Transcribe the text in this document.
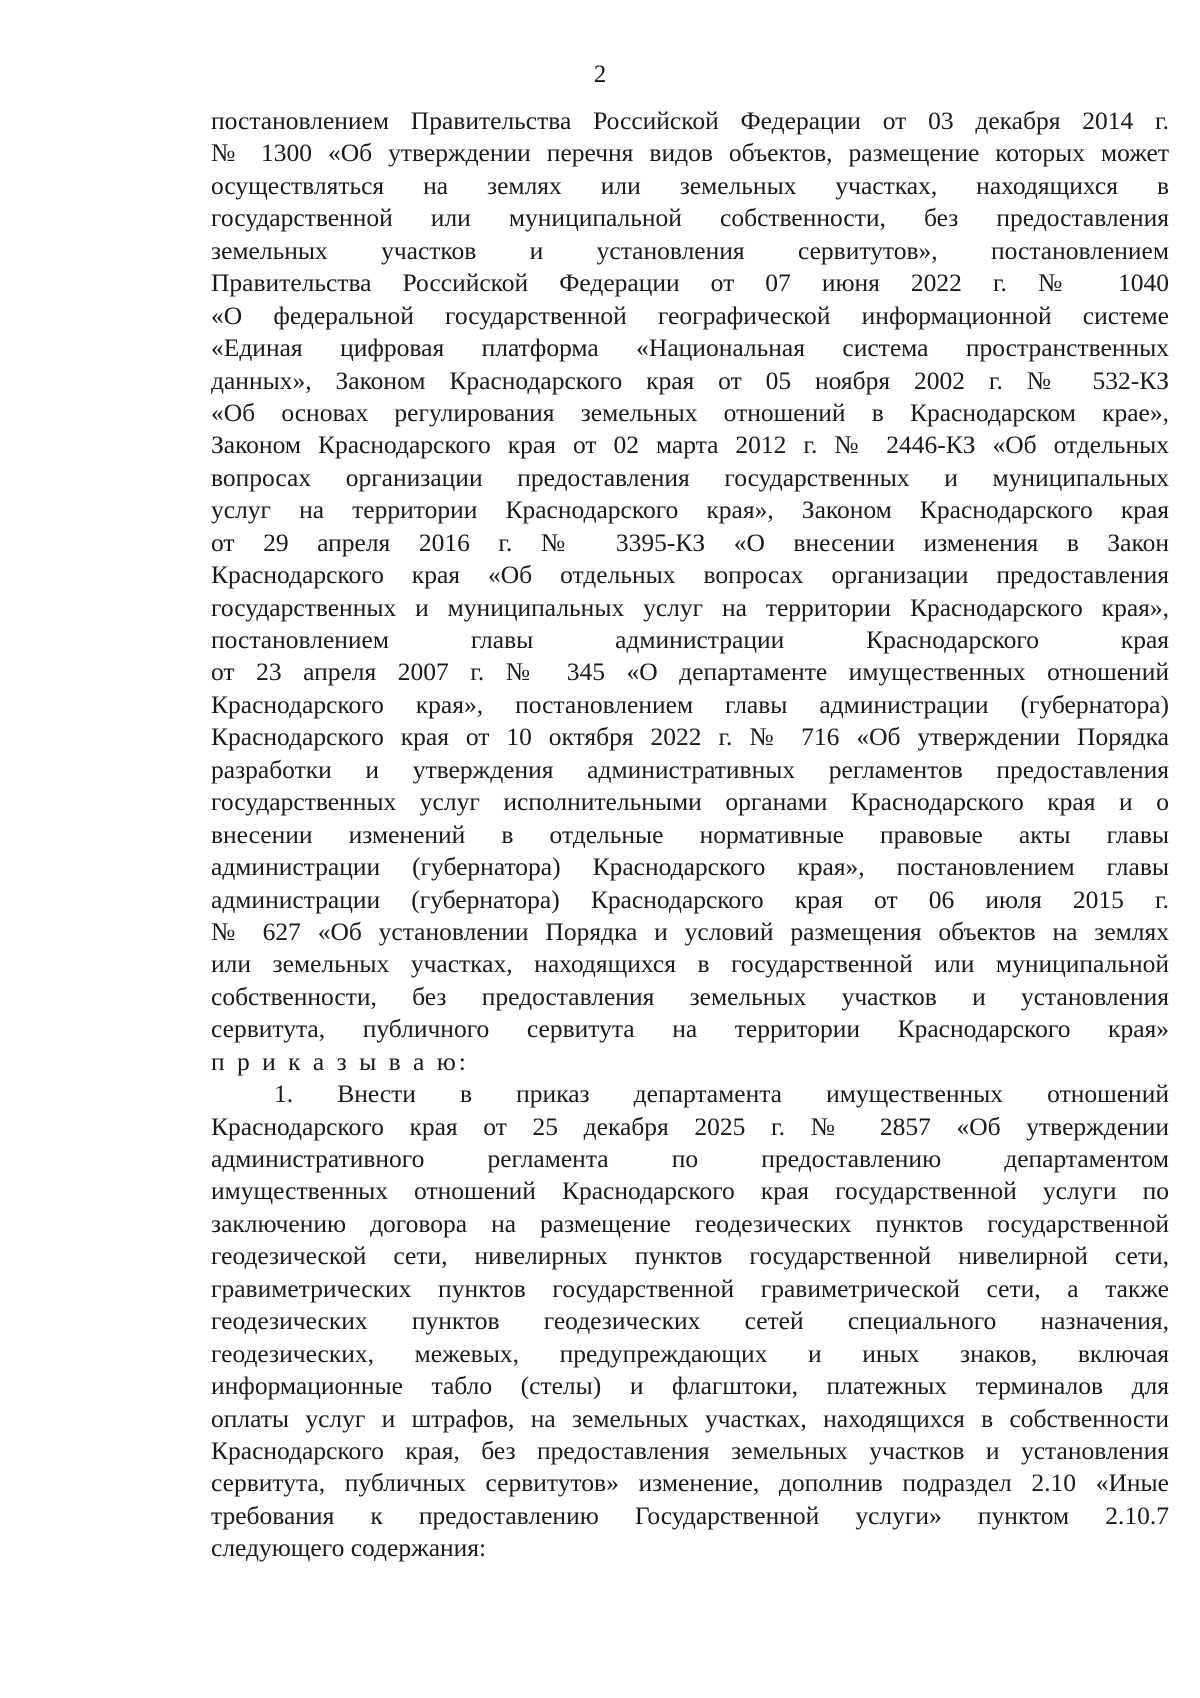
2
постановлением Правительства Российской Федерации от 03 декабря 2014 г.
№ 1300 «Об утверждении перечня видов объектов, размещение которых может
осуществляться на землях или земельных участках, находящихся в
государственной или муниципальной собственности, без предоставления
земельных участков и установления сервитутов», постановлением
Правительства Российской Федерации от 07 июня 2022 г. № 1040
«О федеральной государственной географической информационной системе
«Единая цифровая платформа «Национальная система пространственных
данных», Законом Краснодарского края от 05 ноября 2002 г. № 532-КЗ
«Об основах регулирования земельных отношений в Краснодарском крае»,
Законом Краснодарского края от 02 марта 2012 г. № 2446-КЗ «Об отдельных
вопросах организации предоставления государственных и муниципальных
услуг на территории Краснодарского края», Законом Краснодарского края
от 29 апреля 2016 г. № 3395-КЗ «О внесении изменения в Закон
Краснодарского края «Об отдельных вопросах организации предоставления
государственных и муниципальных услуг на территории Краснодарского края»,
постановлением главы администрации Краснодарского края
от 23 апреля 2007 г. № 345 «О департаменте имущественных отношений
Краснодарского края», постановлением главы администрации (губернатора)
Краснодарского края от 10 октября 2022 г. № 716 «Об утверждении Порядка
разработки и утверждения административных регламентов предоставления
государственных услуг исполнительными органами Краснодарского края и о
внесении изменений в отдельные нормативные правовые акты главы
администрации (губернатора) Краснодарского края», постановлением главы
администрации (губернатора) Краснодарского края от 06 июля 2015 г.
№ 627 «Об установлении Порядка и условий размещения объектов на землях
или земельных участках, находящихся в государственной или муниципальной
собственности, без предоставления земельных участков и установления
сервитута, публичного сервитута на территории Краснодарского края»
п р и к а з ы в а ю:
1. Внести в приказ департамента имущественных отношений
Краснодарского края от 25 декабря 2025 г. № 2857 «Об утверждении
административного регламента по предоставлению департаментом
имущественных отношений Краснодарского края государственной услуги по
заключению договора на размещение геодезических пунктов государственной
геодезической сети, нивелирных пунктов государственной нивелирной сети,
гравиметрических пунктов государственной гравиметрической сети, а также
геодезических пунктов геодезических сетей специального назначения,
геодезических, межевых, предупреждающих и иных знаков, включая
информационные табло (стелы) и флагштоки, платежных терминалов для
оплаты услуг и штрафов, на земельных участках, находящихся в собственности
Краснодарского края, без предоставления земельных участков и установления
сервитута, публичных сервитутов» изменение, дополнив подраздел 2.10 «Иные
требования к предоставлению Государственной услуги» пунктом 2.10.7
следующего содержания:
